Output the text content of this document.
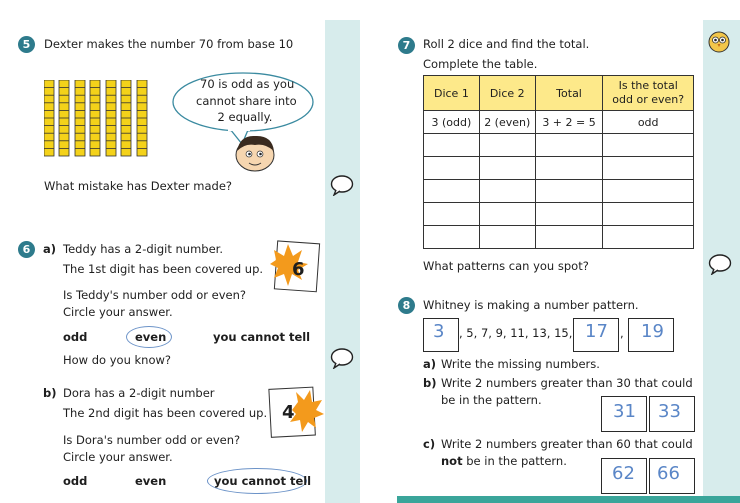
5	Dexter makes the number 70 from base 10
70 is odd as you
cannot share into
2 equally.
What mistake has Dexter made?
6	a) Teddy has a 2-digit number.
The 1st digit has been covered up. 6
Is Teddy's number odd or even?
Circle your answer.
odd	even	you cannot tell
How do you know?
b) Dora has a 2-digit number
The 2nd digit has been covered up. 4
Is Dora's number odd or even?
Circle your answer.
odd	even	you cannot tell
7	Roll 2 dice and find the total.
Complete the table.
Dice 1	Dice 2	Total	Is the total
odd or even?
3 (odd)	2 (even)	3 + 2 = 5	odd

What patterns can you spot?
8	Whitney is making a number pattern.
3 , 5, 7, 9, 11, 13, 15, 17 , 19
a) Write the missing numbers.
b) Write 2 numbers greater than 30 that could
be in the pattern.
31 33
c) Write 2 numbers greater than 60 that could
not be in the pattern.
62 66
